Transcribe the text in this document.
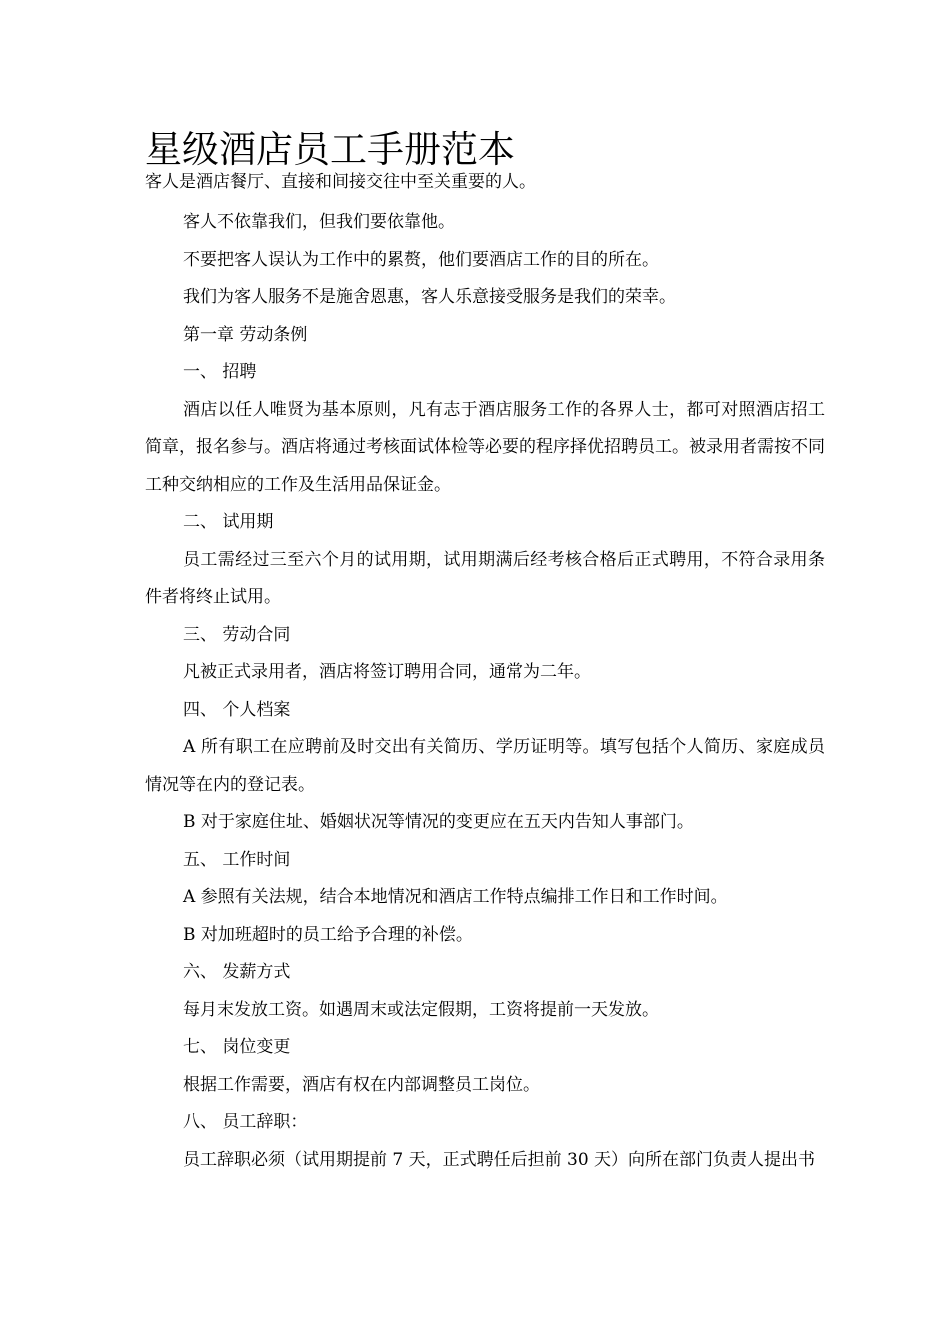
星级酒店员工手册范本

客人是酒店餐厅、直接和间接交往中至关重要的人。

客人不依靠我们，但我们要依靠他。

不要把客人误认为工作中的累赘，他们要酒店工作的目的所在。

我们为客人服务不是施舍恩惠，客人乐意接受服务是我们的荣幸。

第一章 劳动条例

一、 招聘

酒店以任人唯贤为基本原则，凡有志于酒店服务工作的各界人士，都可对照酒店招工简章，报名参与。酒店将通过考核面试体检等必要的程序择优招聘员工。被录用者需按不同工种交纳相应的工作及生活用品保证金。

二、 试用期

员工需经过三至六个月的试用期，试用期满后经考核合格后正式聘用，不符合录用条件者将终止试用。

三、 劳动合同

凡被正式录用者，酒店将签订聘用合同，通常为二年。

四、 个人档案

A 所有职工在应聘前及时交出有关简历、学历证明等。填写包括个人简历、家庭成员情况等在内的登记表。

B 对于家庭住址、婚姻状况等情况的变更应在五天内告知人事部门。

五、 工作时间

A 参照有关法规，结合本地情况和酒店工作特点编排工作日和工作时间。

B 对加班超时的员工给予合理的补偿。

六、 发薪方式

每月末发放工资。如遇周末或法定假期，工资将提前一天发放。

七、 岗位变更

根据工作需要，酒店有权在内部调整员工岗位。

八、 员工辞职：

员工辞职必须（试用期提前 7 天，正式聘任后担前 30 天）向所在部门负责人提出书
